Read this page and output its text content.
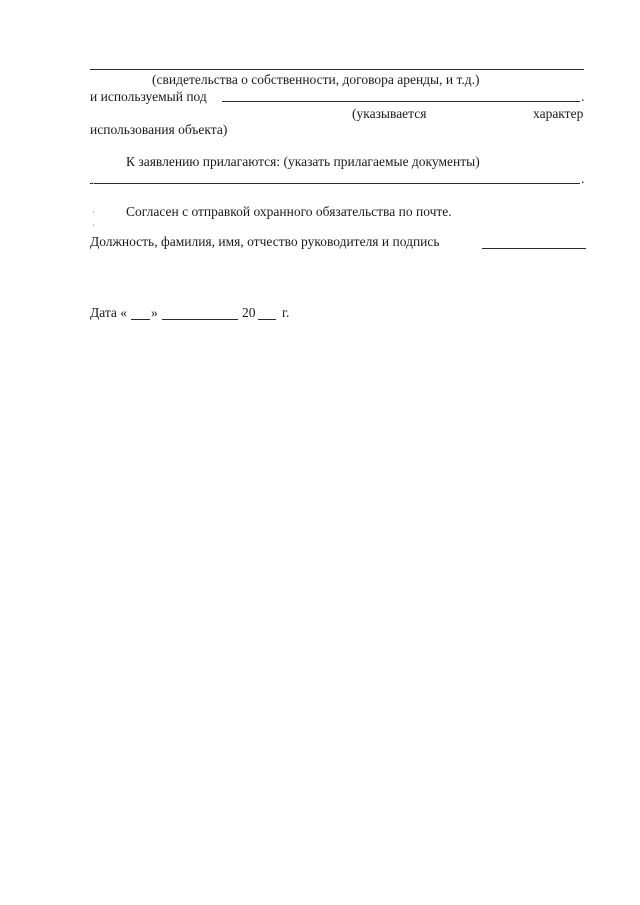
(свидетельства о собственности, договора аренды, и т.д.)
и используемый под	.
(указывается	характер
использования объекта)
К заявлению прилагаются: (указать прилагаемые документы)
.
Согласен с отправкой охранного обязательства по почте.
Должность, фамилия, имя, отчество руководителя и подпись
Дата « »	20 г.
